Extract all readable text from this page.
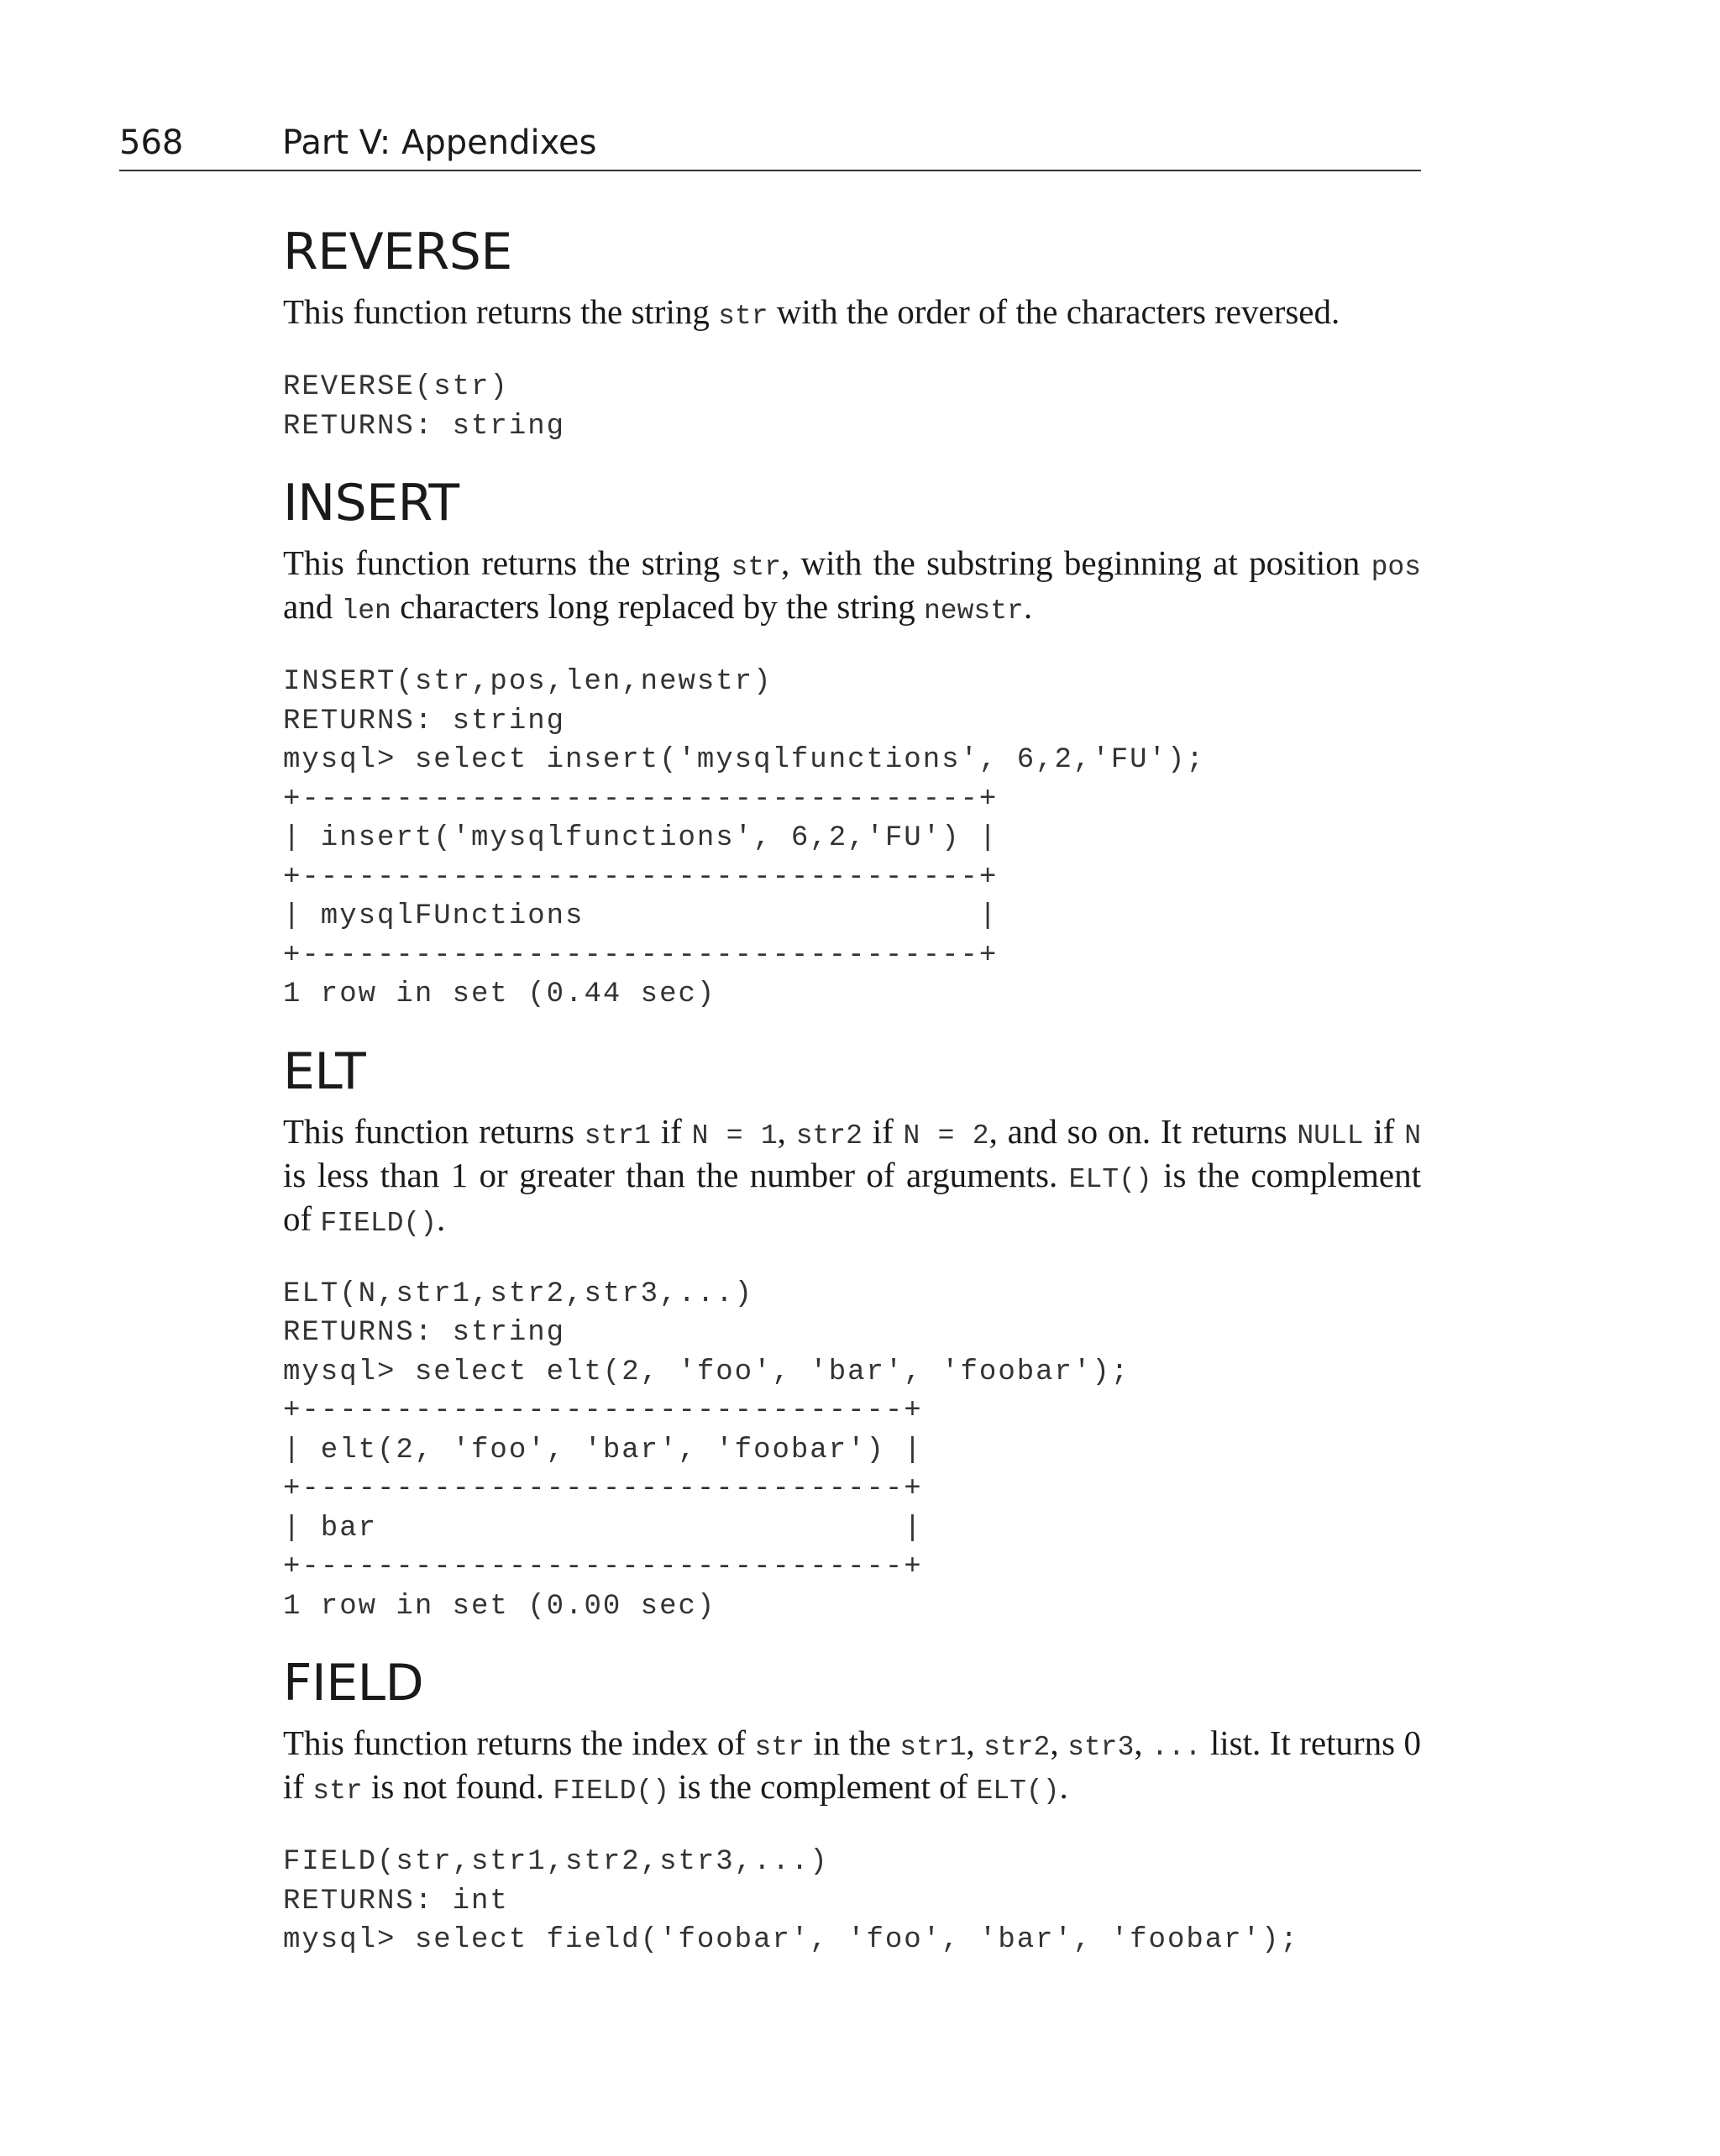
568	Part V: Appendixes
REVERSE

This function returns the string str with the order of the characters reversed.

REVERSE(str)
RETURNS: string
INSERT

This function returns the string str, with the substring beginning at position pos and len characters long replaced by the string newstr.

INSERT(str,pos,len,newstr)
RETURNS: string
mysql> select insert('mysqlfunctions', 6,2,'FU');
+------------------------------------+
| insert('mysqlfunctions', 6,2,'FU') |
+------------------------------------+
| mysqlFUnctions                     |
+------------------------------------+
1 row in set (0.44 sec)
ELT

This function returns str1 if N = 1, str2 if N = 2, and so on. It returns NULL if N is less than 1 or greater than the number of arguments. ELT() is the complement of FIELD().

ELT(N,str1,str2,str3,...)
RETURNS: string
mysql> select elt(2, 'foo', 'bar', 'foobar');
+--------------------------------+
| elt(2, 'foo', 'bar', 'foobar') |
+--------------------------------+
| bar                            |
+--------------------------------+
1 row in set (0.00 sec)
FIELD

This function returns the index of str in the str1, str2, str3, ... list. It returns 0 if str is not found. FIELD() is the complement of ELT().

FIELD(str,str1,str2,str3,...)
RETURNS: int
mysql> select field('foobar', 'foo', 'bar', 'foobar');
